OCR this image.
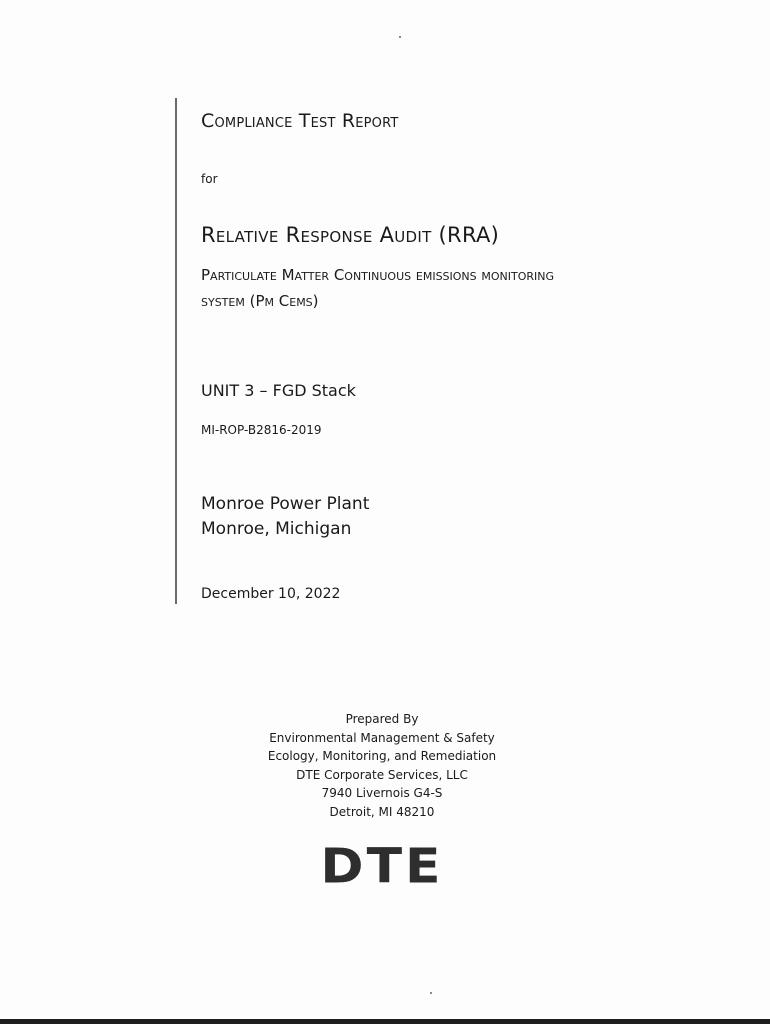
Compliance Test Report
for
Relative Response Audit (RRA)
Particulate Matter Continuous emissions monitoring
system (Pm Cems)
UNIT 3 – FGD Stack
MI-ROP-B2816-2019
Monroe Power Plant
Monroe, Michigan
December 10, 2022
Prepared By
Environmental Management & Safety
Ecology, Monitoring, and Remediation
DTE Corporate Services, LLC
7940 Livernois G4-S
Detroit, MI 48210
DTE
